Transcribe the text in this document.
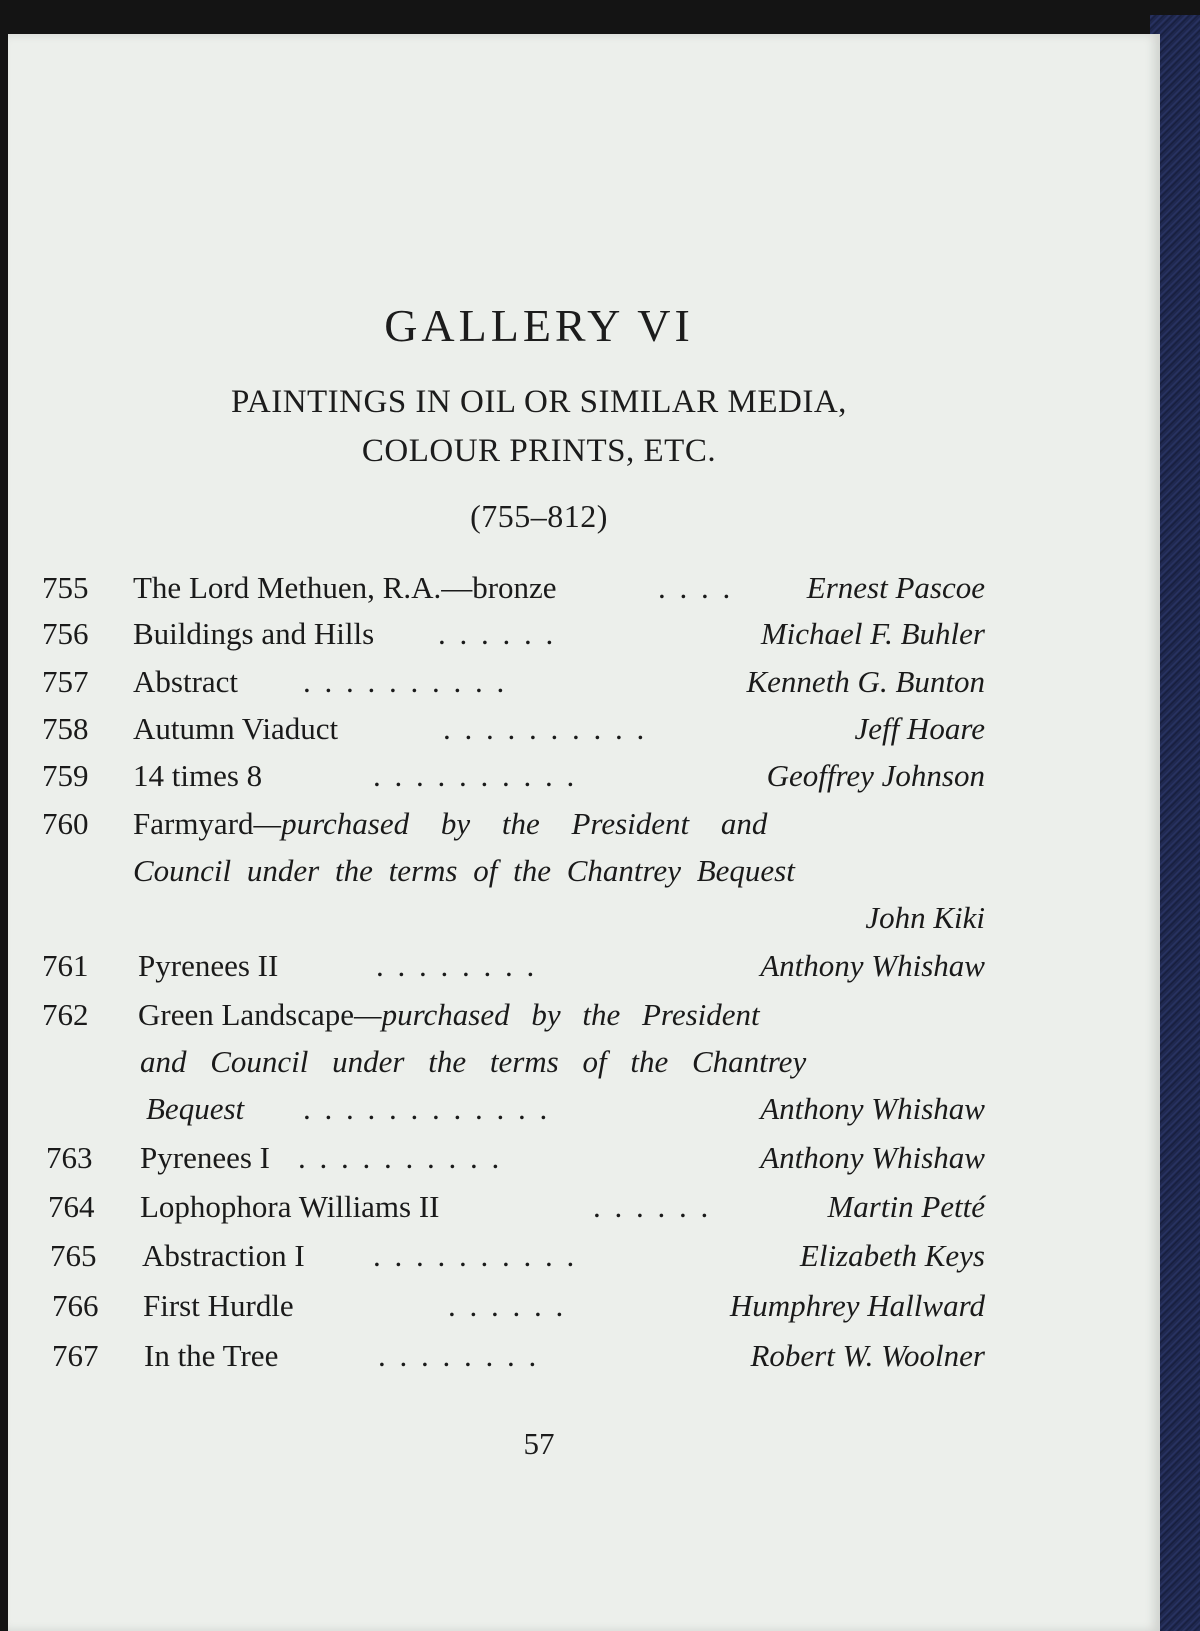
GALLERY VI
PAINTINGS IN OIL OR SIMILAR MEDIA,
COLOUR PRINTS, ETC.
(755–812)
755 The Lord Methuen, R.A.—bronze	. . . . Ernest Pascoe
756 Buildings and Hills . . . . . .	Michael F. Buhler
757 Abstract . . . . . . . . . .	Kenneth G. Bunton
758 Autumn Viaduct	. . . . . . . . . .	Jeff Hoare
759 14 times 8	. . . . . . . . . .	Geoffrey Johnson
760 Farmyard—purchased by the President and
Council under the terms of the Chantrey Bequest
John Kiki
761 Pyrenees II	. . . . . . . .	Anthony Whishaw
762 Green Landscape—purchased by the President
and Council under the terms of the Chantrey
Bequest . . . . . . . . . . . .	Anthony Whishaw
763 Pyrenees I . . . . . . . . . .	Anthony Whishaw
764 Lophophora Williams II	. . . . . .	Martin Petté
765 Abstraction I . . . . . . . . . .	Elizabeth Keys
766 First Hurdle	. . . . . .	Humphrey Hallward
767 In the Tree	. . . . . . . .	Robert W. Woolner
57
